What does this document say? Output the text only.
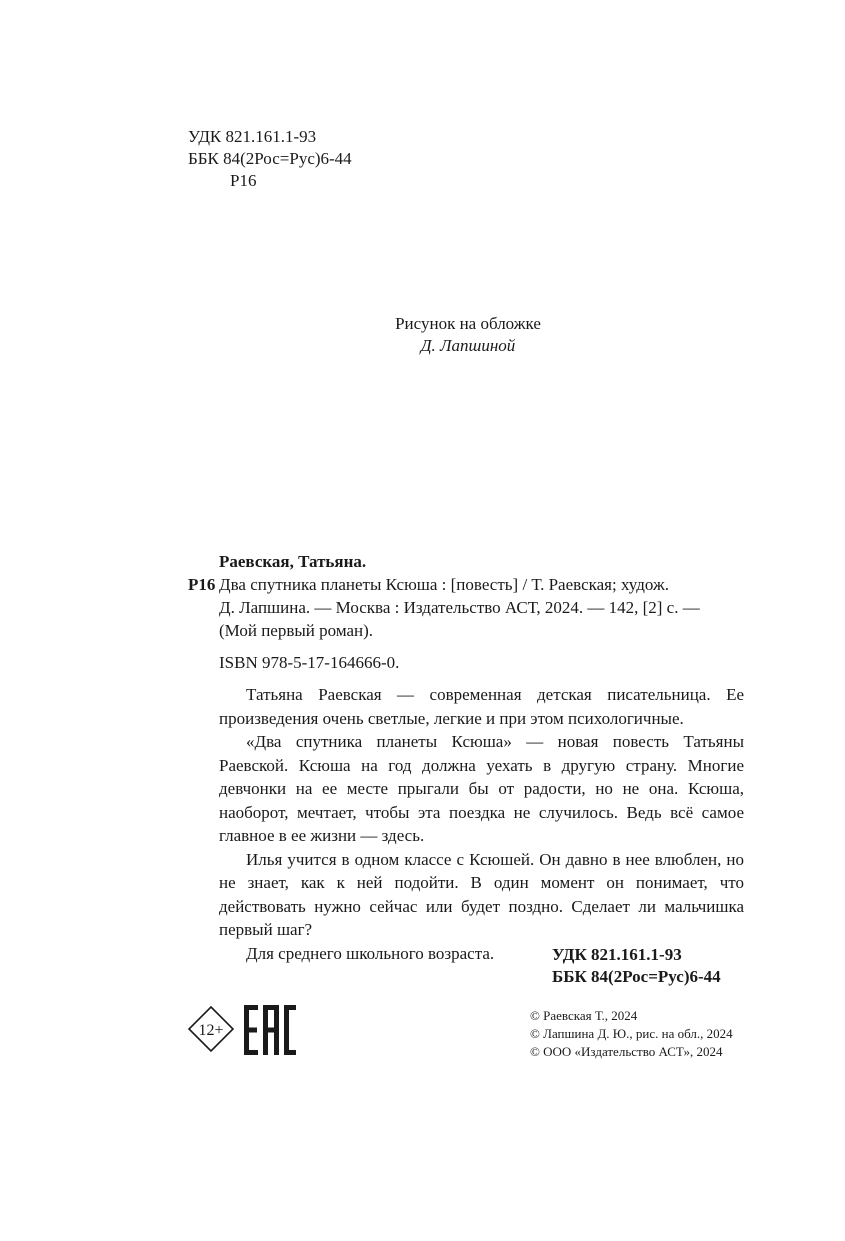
УДК 821.161.1-93
ББК 84(2Рос=Рус)6-44
Р16
Рисунок на обложке
Д. Лапшиной
Раевская, Татьяна.
Р16 Два спутника планеты Ксюша : [повесть] / Т. Раевская; худож.
Д. Лапшина. — Москва : Издательство АСТ, 2024. — 142, [2] с. —
(Мой первый роман).
ISBN 978-5-17-164666-0.

Татьяна Раевская — современная детская писательница. Ее произведения очень светлые, легкие и при этом психологичные.

«Два спутника планеты Ксюша» — новая повесть Татьяны Раевской. Ксюша на год должна уехать в другую страну. Многие девчонки на ее месте прыгали бы от радости, но не она. Ксюша, наоборот, мечтает, чтобы эта поездка не случилось. Ведь всё самое главное в ее жизни — здесь.

Илья учится в одном классе с Ксюшей. Он давно в нее влюблен, но не знает, как к ней подойти. В один момент он понимает, что действовать нужно сейчас или будет поздно. Сделает ли мальчишка первый шаг?

Для среднего школьного возраста.	УДК 821.161.1-93
ББК 84(2Рос=Рус)6-44
© Раевская Т., 2024
© Лапшина Д. Ю., рис. на обл., 2024
© ООО «Издательство АСТ», 2024
12+
